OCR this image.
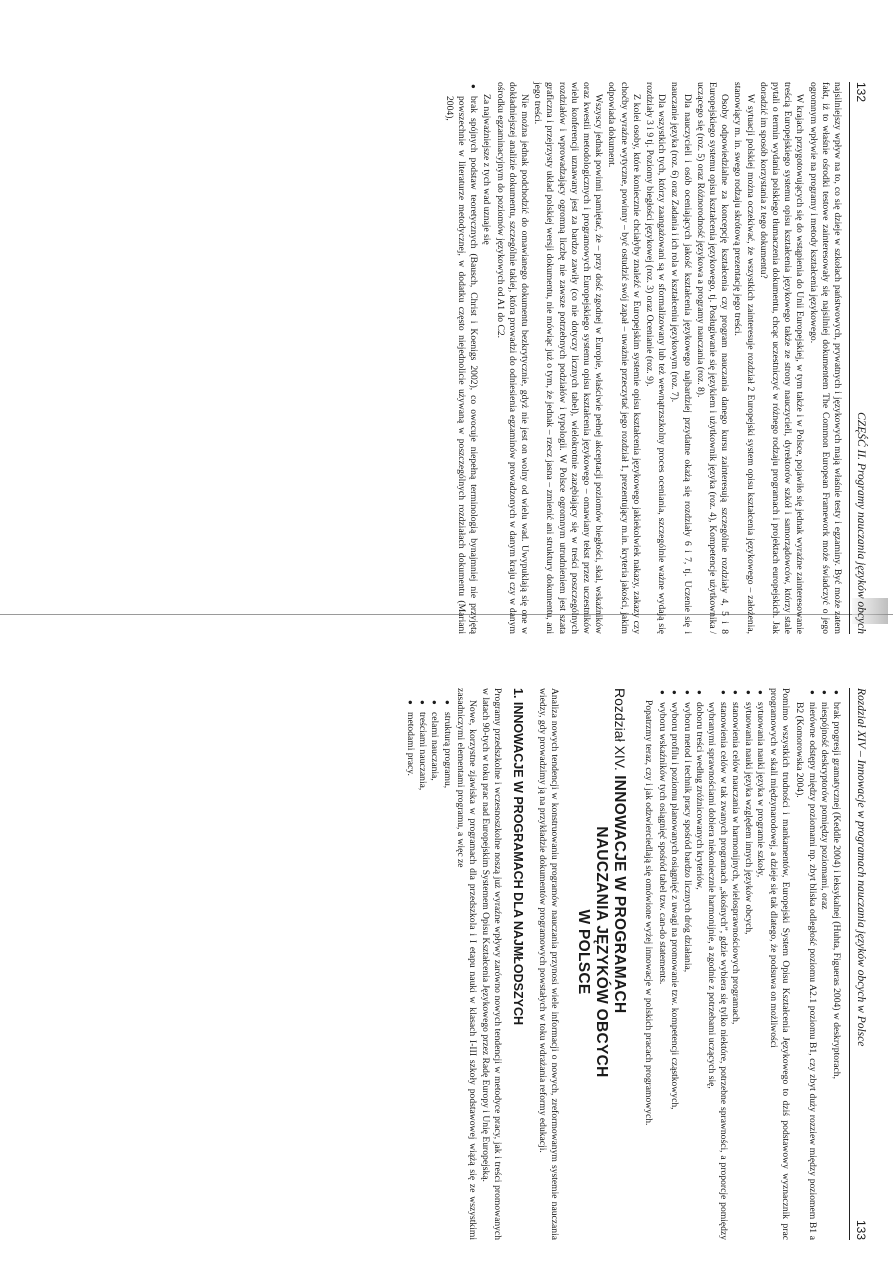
132
CZĘŚĆ II. Programy nauczania języków obcych

najsilniejszy wpływ na to, co się dzieje w szkołach państwowych, prywatnych i językowych mają właśnie testy i egzaminy. Być może zatem fakt, iż to właśnie ośrodki testowe zainteresowały się najsilniej dokumentem The Common European Framework może świadczyć o jego ogromnym wpływie na programy i metody kształcenia językowego.

W krajach przygotowujących się do wstąpienia do Unii Europejskiej, w tym także i w Polsce, pojawiło się jednak wyraźne zainteresowanie treścią Europejskiego systemu opisu kształcenia językowego także ze strony nauczycieli, dyrektorów szkół i samorządowców, którzy stale pytali o termin wydania polskiego tłumaczenia dokumentu, chcąc uczestniczyć w różnego rodzaju programach i projektach europejskich. Jak doradzić im sposób korzystania z tego dokumentu?

W sytuacji polskiej można oczekiwać, że wszystkich zainteresuje rozdział 2 Europejski system opisu kształcenia językowego – założenia, stanowiący m. in. swego rodzaju skrótową prezentację jego treści.

Osoby odpowiedzialne za koncepcję kształcenia czy program nauczania danego kursu zainteresują szczególnie rozdziały 4, 5 i 8 Europejskiego systemu opisu kształcenia językowego, tj. Posługiwanie się językiem i użytkownik języka (roz. 4), Kompetencje użytkownika / uczącego się (roz. 5) oraz Różnorodność językowa a programy nauczania (roz. 8).

Dla nauczycieli i osób oceniających jakość kształcenia językowego najbardziej przydatne okażą się rozdziały 6 i 7, tj. Uczenie się i nauczanie języka (roz. 6) oraz Zadania i ich rola w kształceniu językowym (roz. 7).

Dla wszystkich tych, którzy zaangażowani są w sformalizowany lub też wewnątrzszkolny proces oceniania, szczególnie ważne wydają się rozdziały 3 i 9 tj. Poziomy biegłości językowej (roz. 3) oraz Ocenianie (roz. 9).

Z kolei osoby, które koniecznie chciałyby znaleźć w Europejskim systemie opisu kształcenia językowego jakiekolwiek nakazy, zakazy czy choćby wyraźne wytyczne, powinny – być ostudzić swój zapał – uważnie przeczytać jego rozdział 1, prezentujący m.in. kryteria jakości, jakim odpowiada dokument.

Wszyscy jednak powinni pamiętać, że – przy dość zgodnej w Europie, właściwie pełnej akceptacji poziomów biegłości, skal, wskaźników oraz kwestii metodologicznych i programowych Europejskiego systemu opisu kształcenia językowego – omawiany tekst przez uczestników wielu konferencji uznawany jest za bardzo zawiły (co nie dotyczy licznych tabel), wielokrotnie zazębiający się w treści poszczególnych rozdziałów i wprowadzający ogromną liczbę nie zawsze potrzebnych podziałów i typologii. W Polsce ogromnym utrudnieniem jest szata graficzna i przejrzysty układ polskiej wersji dokumentu, nie mówiąc już o tym, że jednak – rzecz jasna – zmienić ani struktury dokumentu, ani jego treści.

Nie można jednak podchodzić do omawianego dokumentu bezkrytycznie, gdyż nie jest on wolny od wielu wad. Uwypuklają się one w dokładniejszej analizie dokumentu, szczególnie takiej, która prowadzi do odniesienia egzaminów prowadzonych w danym kraju czy w danym ośrodku egzaminacyjnym do poziomów językowych od A1 do C2.

Za najważniejsze z tych wad uznaje się

● brak spójnych podstaw teoretycznych (Bausch, Christ i Koenigs 2002), co owocuje niepełną terminologią bynajmniej nie przyjętą powszechnie w literaturze metodycznej, w dodatku często niejednolicie używaną w poszczególnych rozdziałach dokumentu (Mariani 2004),
Rozdział XIV – Innowacje w programach nauczania języków obcych w Polsce
133
● brak progresji gramatycznej (Keddle 2004) i leksykalnej (Huhta, Figueras 2004) w deskryptorach,
● niespójność deskryptorów pomiędzy poziomami, oraz
● nierówne odstępy między poziomami np. zbyt bliska odległość poziomu A2.1 poziomu B1, czy zbyt duży rozziew między poziomem B1 a B2 (Komorowska 2004).

Pomimo wszystkich trudności i mankamentów, Europejski System Opisu Kształcenia Językowego to dziś podstawowy wyznacznik prac programowych w skali międzynarodowej, a dzieje się tak dlatego, że podsuwa on możliwości

● sytuowania nauki języka w programie szkoły,
● sytuowania nauki języka względem innych języków obcych,
● stanowienia celów nauczania w harmonijnych, wielosprawnościowych programach,
● stanowienia celów w tak zwanych programach „skośnych”, gdzie wybiera się tylko niektóre, potrzebne sprawności, a proporcje pomiędzy wybranymi sprawnościami dobiera niekoniecznie harmonijnie, a zgodnie z potrzebami uczących się,
● doboru treści według zróżnicowanych kryteriów,
● wyboru metod i technik pracy spośród bardzo licznych dróg działania,
● wyboru profilu i poziomu planowanych osiągnięć z uwagi na promowanie tzw. kompetencji cząstkowych,
● wyboru wskaźników tych osiągnięć spośród tabel tzw. can-do statements.

Popatrzmy teraz, czy i jak odzwierciedlają się omówione wyżej innowacje w polskich pracach programowych.

Rozdział XIV. INNOWACJE W PROGRAMACH
NAUCZANIA JĘZYKÓW OBCYCH
W POLSCE

Analiza nowych tendencji w konstruowaniu programów nauczania przynosi wiele informacji o nowych, zreformowanym systemie nauczania wiedzy, gdy prowadzimy ją na przykładzie dokumentów programowych powstałych w toku wdrażania reformy edukacji.

1. INNOWACJE W PROGRAMACH DLA NAJMŁODSZYCH

Programy przedszkolne i wczesnoszkolne noszą już wyraźne wpływy zarówno nowych tendencji w metodyce pracy, jak i treści promowanych w latach 90-tych w toku prac nad Europejskim Systemem Opisu Kształcenia Językowego przez Radę Europy i Unię Europejską.

Nowe, korzystne zjawiska w programach dla przedszkola i I etapu nauki w klasach I-III szkoły podstawowej wiążą się ze wszystkimi zasadniczymi elementami programu, a więc ze

● strukturą programu,
● celami nauczania,
● treściami nauczania,
● metodami pracy.
